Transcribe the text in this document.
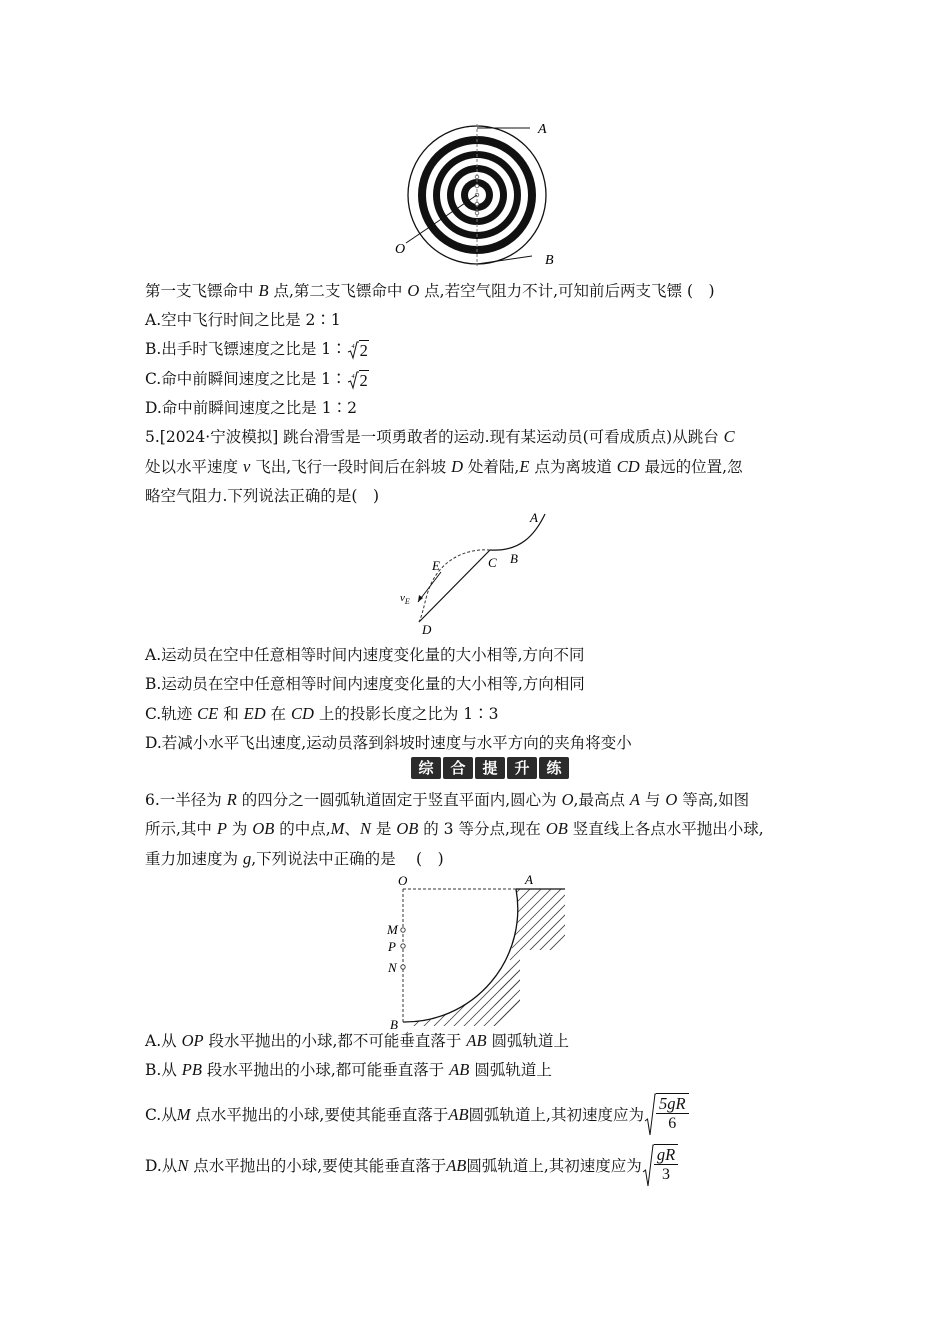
A
B
O
第一支飞镖命中 B 点,第二支飞镖命中 O 点,若空气阻力不计,可知前后两支飞镖 ( )
A.空中飞行时间之比是 2∶1
B.出手时飞镖速度之比是 1∶ 4 2
C.命中前瞬间速度之比是 1∶ 4 2
D.命中前瞬间速度之比是 1∶2
5.[2024·宁波模拟] 跳台滑雪是一项勇敢者的运动.现有某运动员(可看成质点)从跳台 C
处以水平速度 v 飞出,飞行一段时间后在斜坡 D 处着陆,E 点为离坡道 CD 最远的位置,忽
略空气阻力.下列说法正确的是( )
A
B
C
E
D
$v_E$
A.运动员在空中任意相等时间内速度变化量的大小相等,方向不同
B.运动员在空中任意相等时间内速度变化量的大小相等,方向相同
C.轨迹 CE 和 ED 在 CD 上的投影长度之比为 1∶3
D.若减小水平飞出速度,运动员落到斜坡时速度与水平方向的夹角将变小
综	合	提	升	练
6.一半径为 R 的四分之一圆弧轨道固定于竖直平面内,圆心为 O,最高点 A 与 O 等高,如图
所示,其中 P 为 OB 的中点,M、N 是 OB 的 3 等分点,现在 OB 竖直线上各点水平抛出小球,
重力加速度为 g,下列说法中正确的是  ( )
O	A
M
P
N
B
A.从 OP 段水平抛出的小球,都不可能垂直落于 AB 圆弧轨道上
B.从 PB 段水平抛出的小球,都可能垂直落于 AB 圆弧轨道上
C.从 M
点水平抛出的小球,要使其能垂直落于 AB 圆弧轨道上,其初速度应为 $\frac{5gR}{6}$
D.从 N
点水平抛出的小球,要使其能垂直落于 AB 圆弧轨道上,其初速度应为 $\frac{gR}{3}$
